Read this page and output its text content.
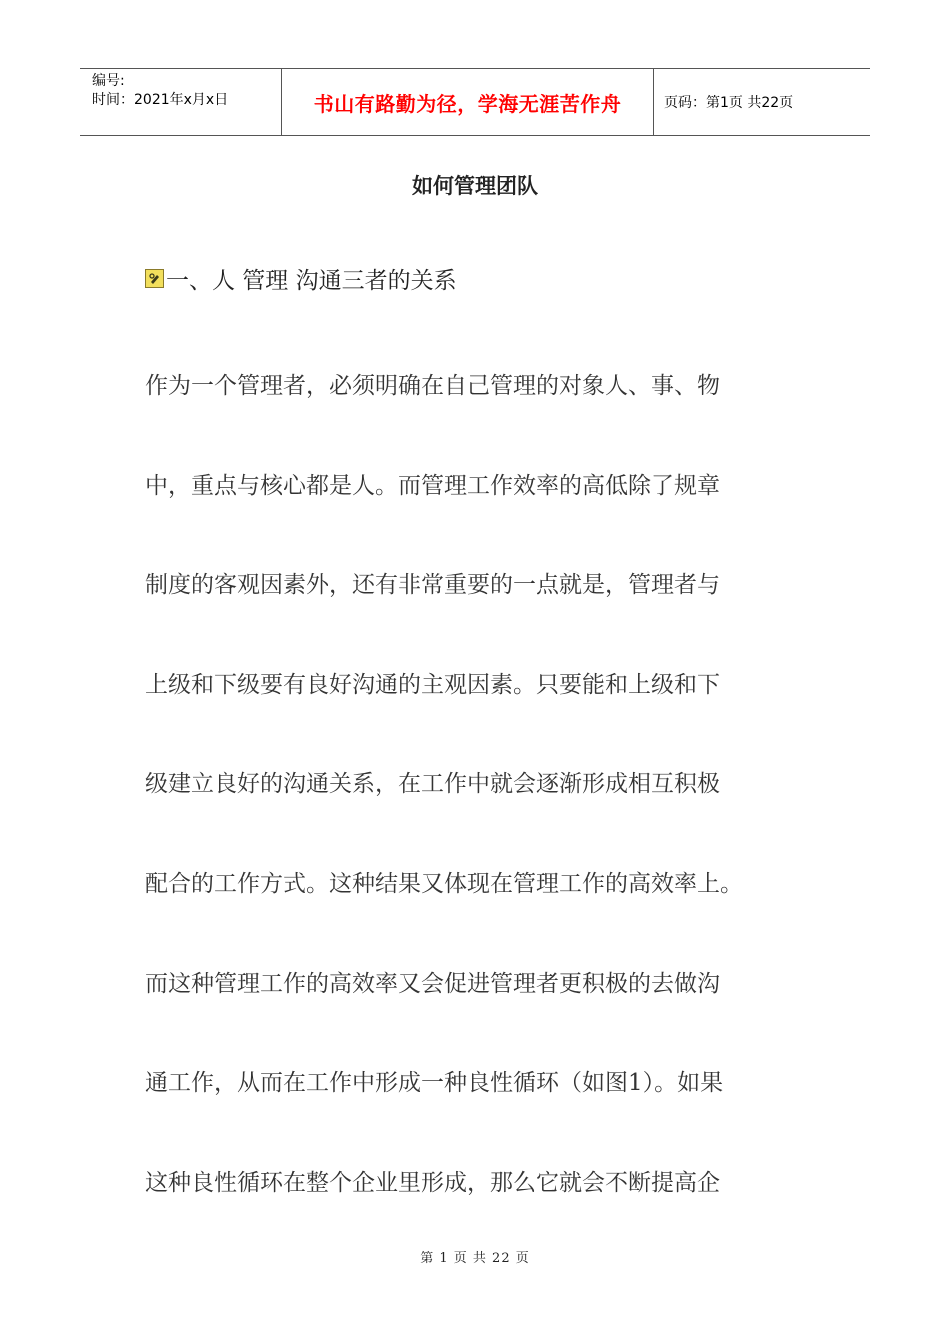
编号:
时间：2021年x月x日	书山有路勤为径，学海无涯苦作舟	页码：第1页 共22页
如何管理团队
一、人 管理 沟通三者的关系
作为一个管理者，必须明确在自己管理的对象人、事、物
中，重点与核心都是人。而管理工作效率的高低除了规章
制度的客观因素外，还有非常重要的一点就是，管理者与
上级和下级要有良好沟通的主观因素。只要能和上级和下
级建立良好的沟通关系，在工作中就会逐渐形成相互积极
配合的工作方式。这种结果又体现在管理工作的高效率上。
而这种管理工作的高效率又会促进管理者更积极的去做沟
通工作，从而在工作中形成一种良性循环（如图1）。如果
这种良性循环在整个企业里形成，那么它就会不断提高企
第 1 页 共 22 页
